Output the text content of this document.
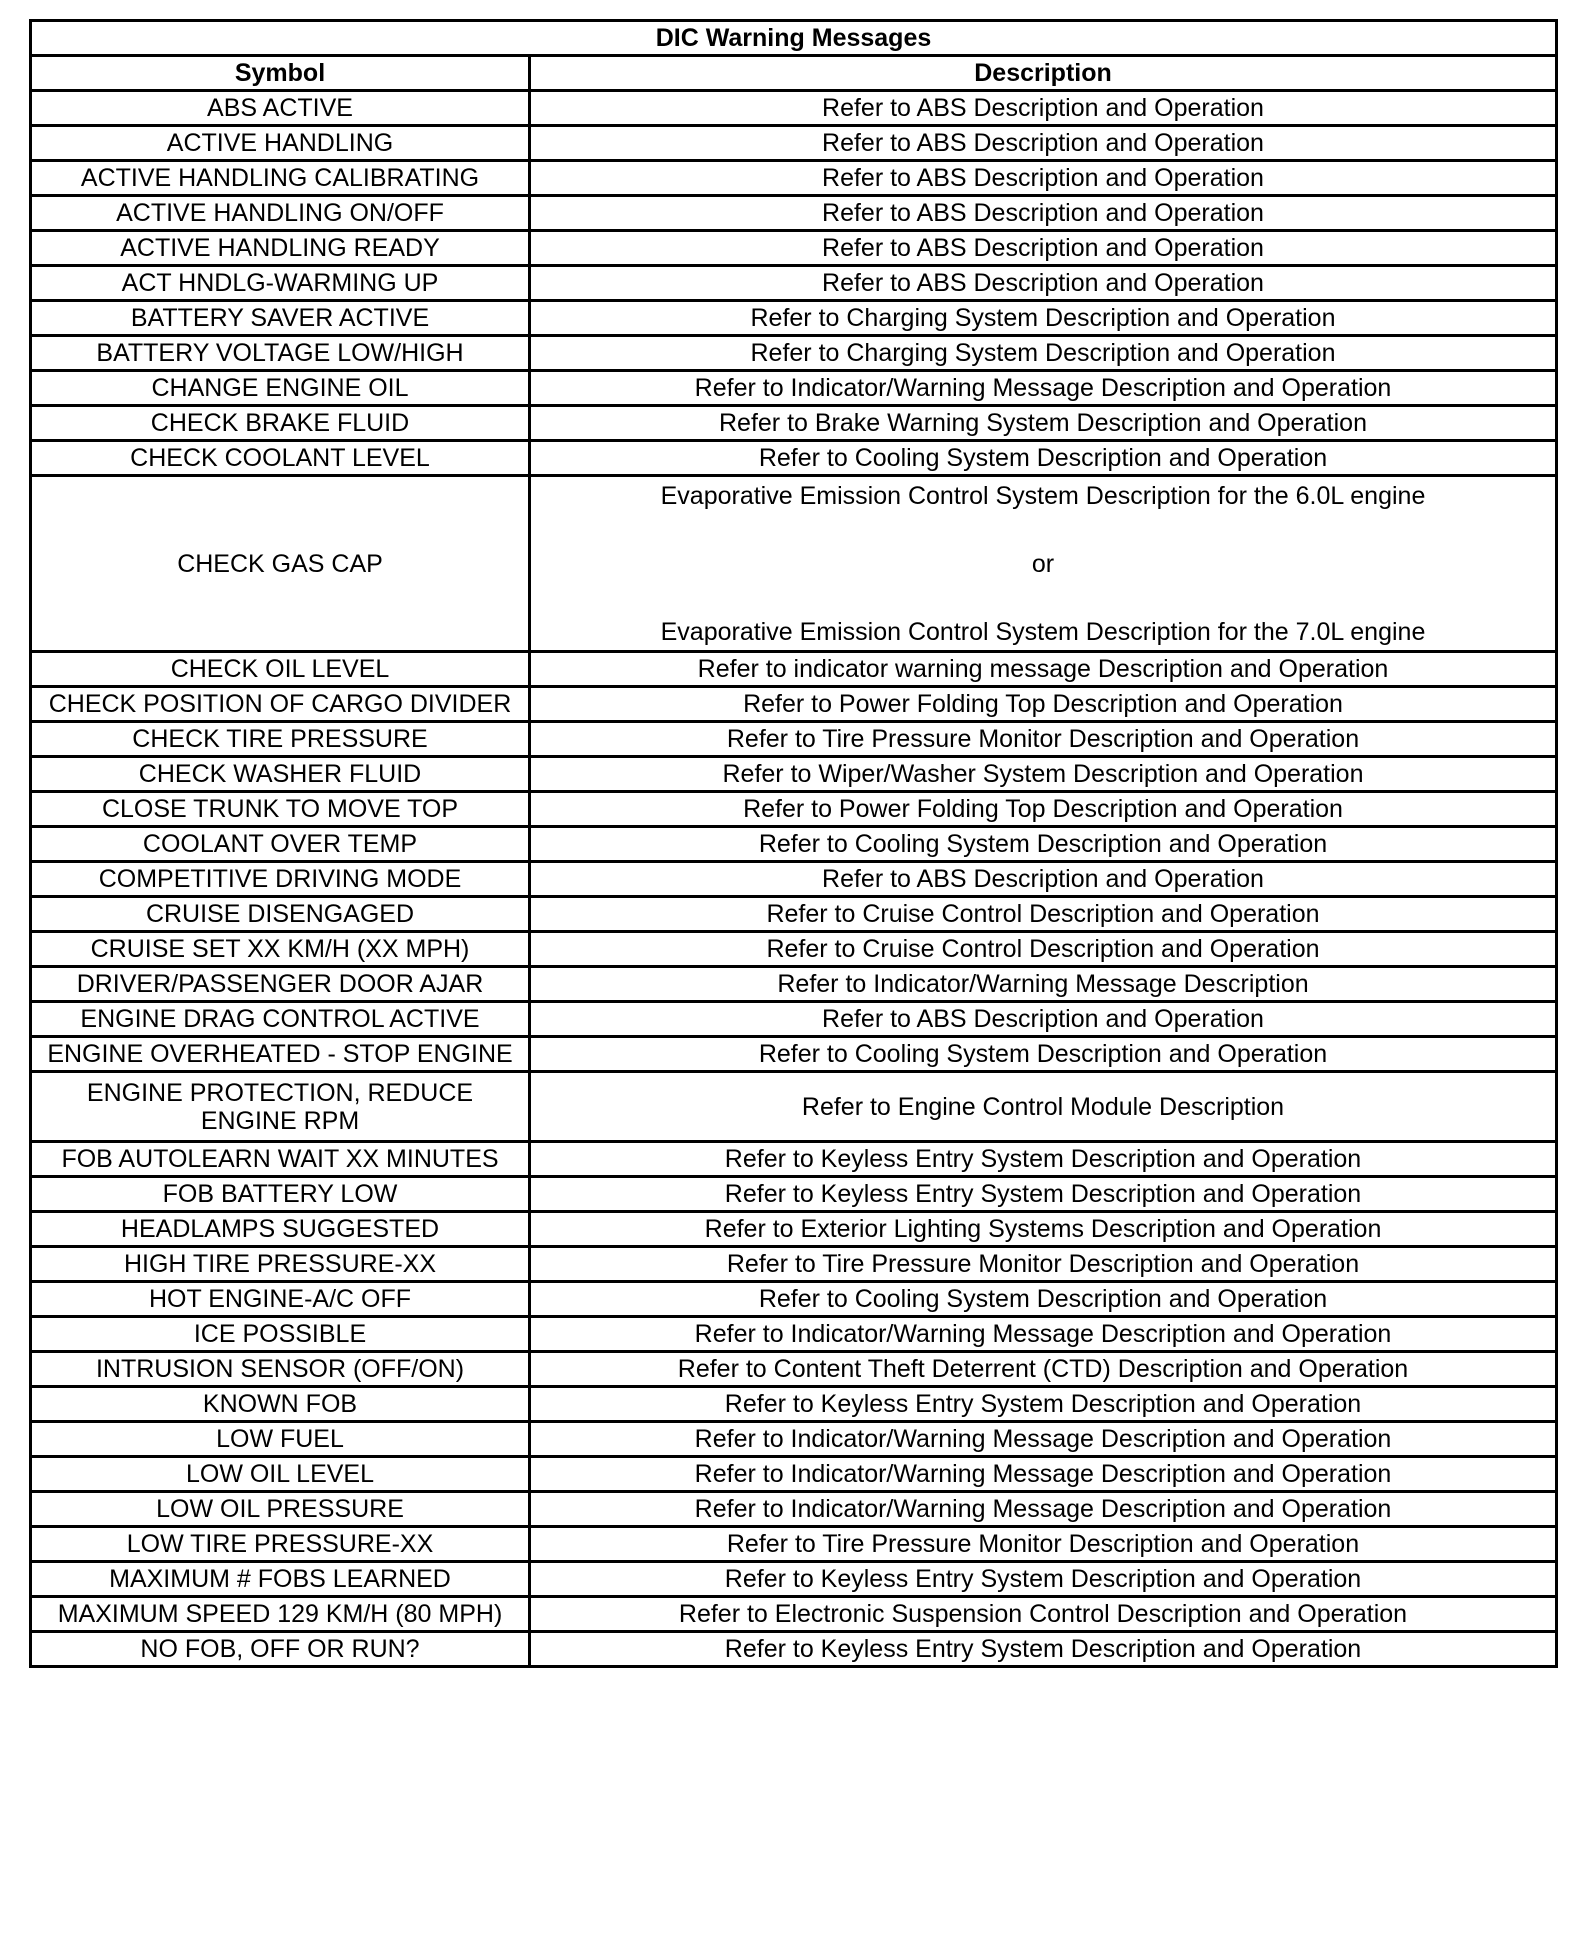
DIC Warning Messages	
Symbol	Description
ABS ACTIVE	Refer to ABS Description and Operation
ACTIVE HANDLING	Refer to ABS Description and Operation
ACTIVE HANDLING CALIBRATING	Refer to ABS Description and Operation
ACTIVE HANDLING ON/OFF	Refer to ABS Description and Operation
ACTIVE HANDLING READY	Refer to ABS Description and Operation
ACT HNDLG-WARMING UP	Refer to ABS Description and Operation
BATTERY SAVER ACTIVE	Refer to Charging System Description and Operation
BATTERY VOLTAGE LOW/HIGH	Refer to Charging System Description and Operation
CHANGE ENGINE OIL	Refer to Indicator/Warning Message Description and Operation
CHECK BRAKE FLUID	Refer to Brake Warning System Description and Operation
CHECK COOLANT LEVEL	Refer to Cooling System Description and Operation
CHECK GAS CAP	Evaporative Emission Control System Description for the 6.0L engine
or
Evaporative Emission Control System Description for the 7.0L engine

CHECK OIL LEVEL	Refer to indicator warning message Description and Operation
CHECK POSITION OF CARGO DIVIDER	Refer to Power Folding Top Description and Operation
CHECK TIRE PRESSURE	Refer to Tire Pressure Monitor Description and Operation
CHECK WASHER FLUID	Refer to Wiper/Washer System Description and Operation
CLOSE TRUNK TO MOVE TOP	Refer to Power Folding Top Description and Operation
COOLANT OVER TEMP	Refer to Cooling System Description and Operation
COMPETITIVE DRIVING MODE	Refer to ABS Description and Operation
CRUISE DISENGAGED	Refer to Cruise Control Description and Operation
CRUISE SET XX KM/H (XX MPH)	Refer to Cruise Control Description and Operation
DRIVER/PASSENGER DOOR AJAR	Refer to Indicator/Warning Message Description
ENGINE DRAG CONTROL ACTIVE	Refer to ABS Description and Operation
ENGINE OVERHEATED - STOP ENGINE	Refer to Cooling System Description and Operation
ENGINE PROTECTION, REDUCE ENGINE RPM	Refer to Engine Control Module Description
FOB AUTOLEARN WAIT XX MINUTES	Refer to Keyless Entry System Description and Operation
FOB BATTERY LOW	Refer to Keyless Entry System Description and Operation
HEADLAMPS SUGGESTED	Refer to Exterior Lighting Systems Description and Operation
HIGH TIRE PRESSURE-XX	Refer to Tire Pressure Monitor Description and Operation
HOT ENGINE-A/C OFF	Refer to Cooling System Description and Operation
ICE POSSIBLE	Refer to Indicator/Warning Message Description and Operation
INTRUSION SENSOR (OFF/ON)	Refer to Content Theft Deterrent (CTD) Description and Operation
KNOWN FOB	Refer to Keyless Entry System Description and Operation
LOW FUEL	Refer to Indicator/Warning Message Description and Operation
LOW OIL LEVEL	Refer to Indicator/Warning Message Description and Operation
LOW OIL PRESSURE	Refer to Indicator/Warning Message Description and Operation
LOW TIRE PRESSURE-XX	Refer to Tire Pressure Monitor Description and Operation
MAXIMUM # FOBS LEARNED	Refer to Keyless Entry System Description and Operation
MAXIMUM SPEED 129 KM/H (80 MPH)	Refer to Electronic Suspension Control Description and Operation
NO FOB, OFF OR RUN?	Refer to Keyless Entry System Description and Operation
